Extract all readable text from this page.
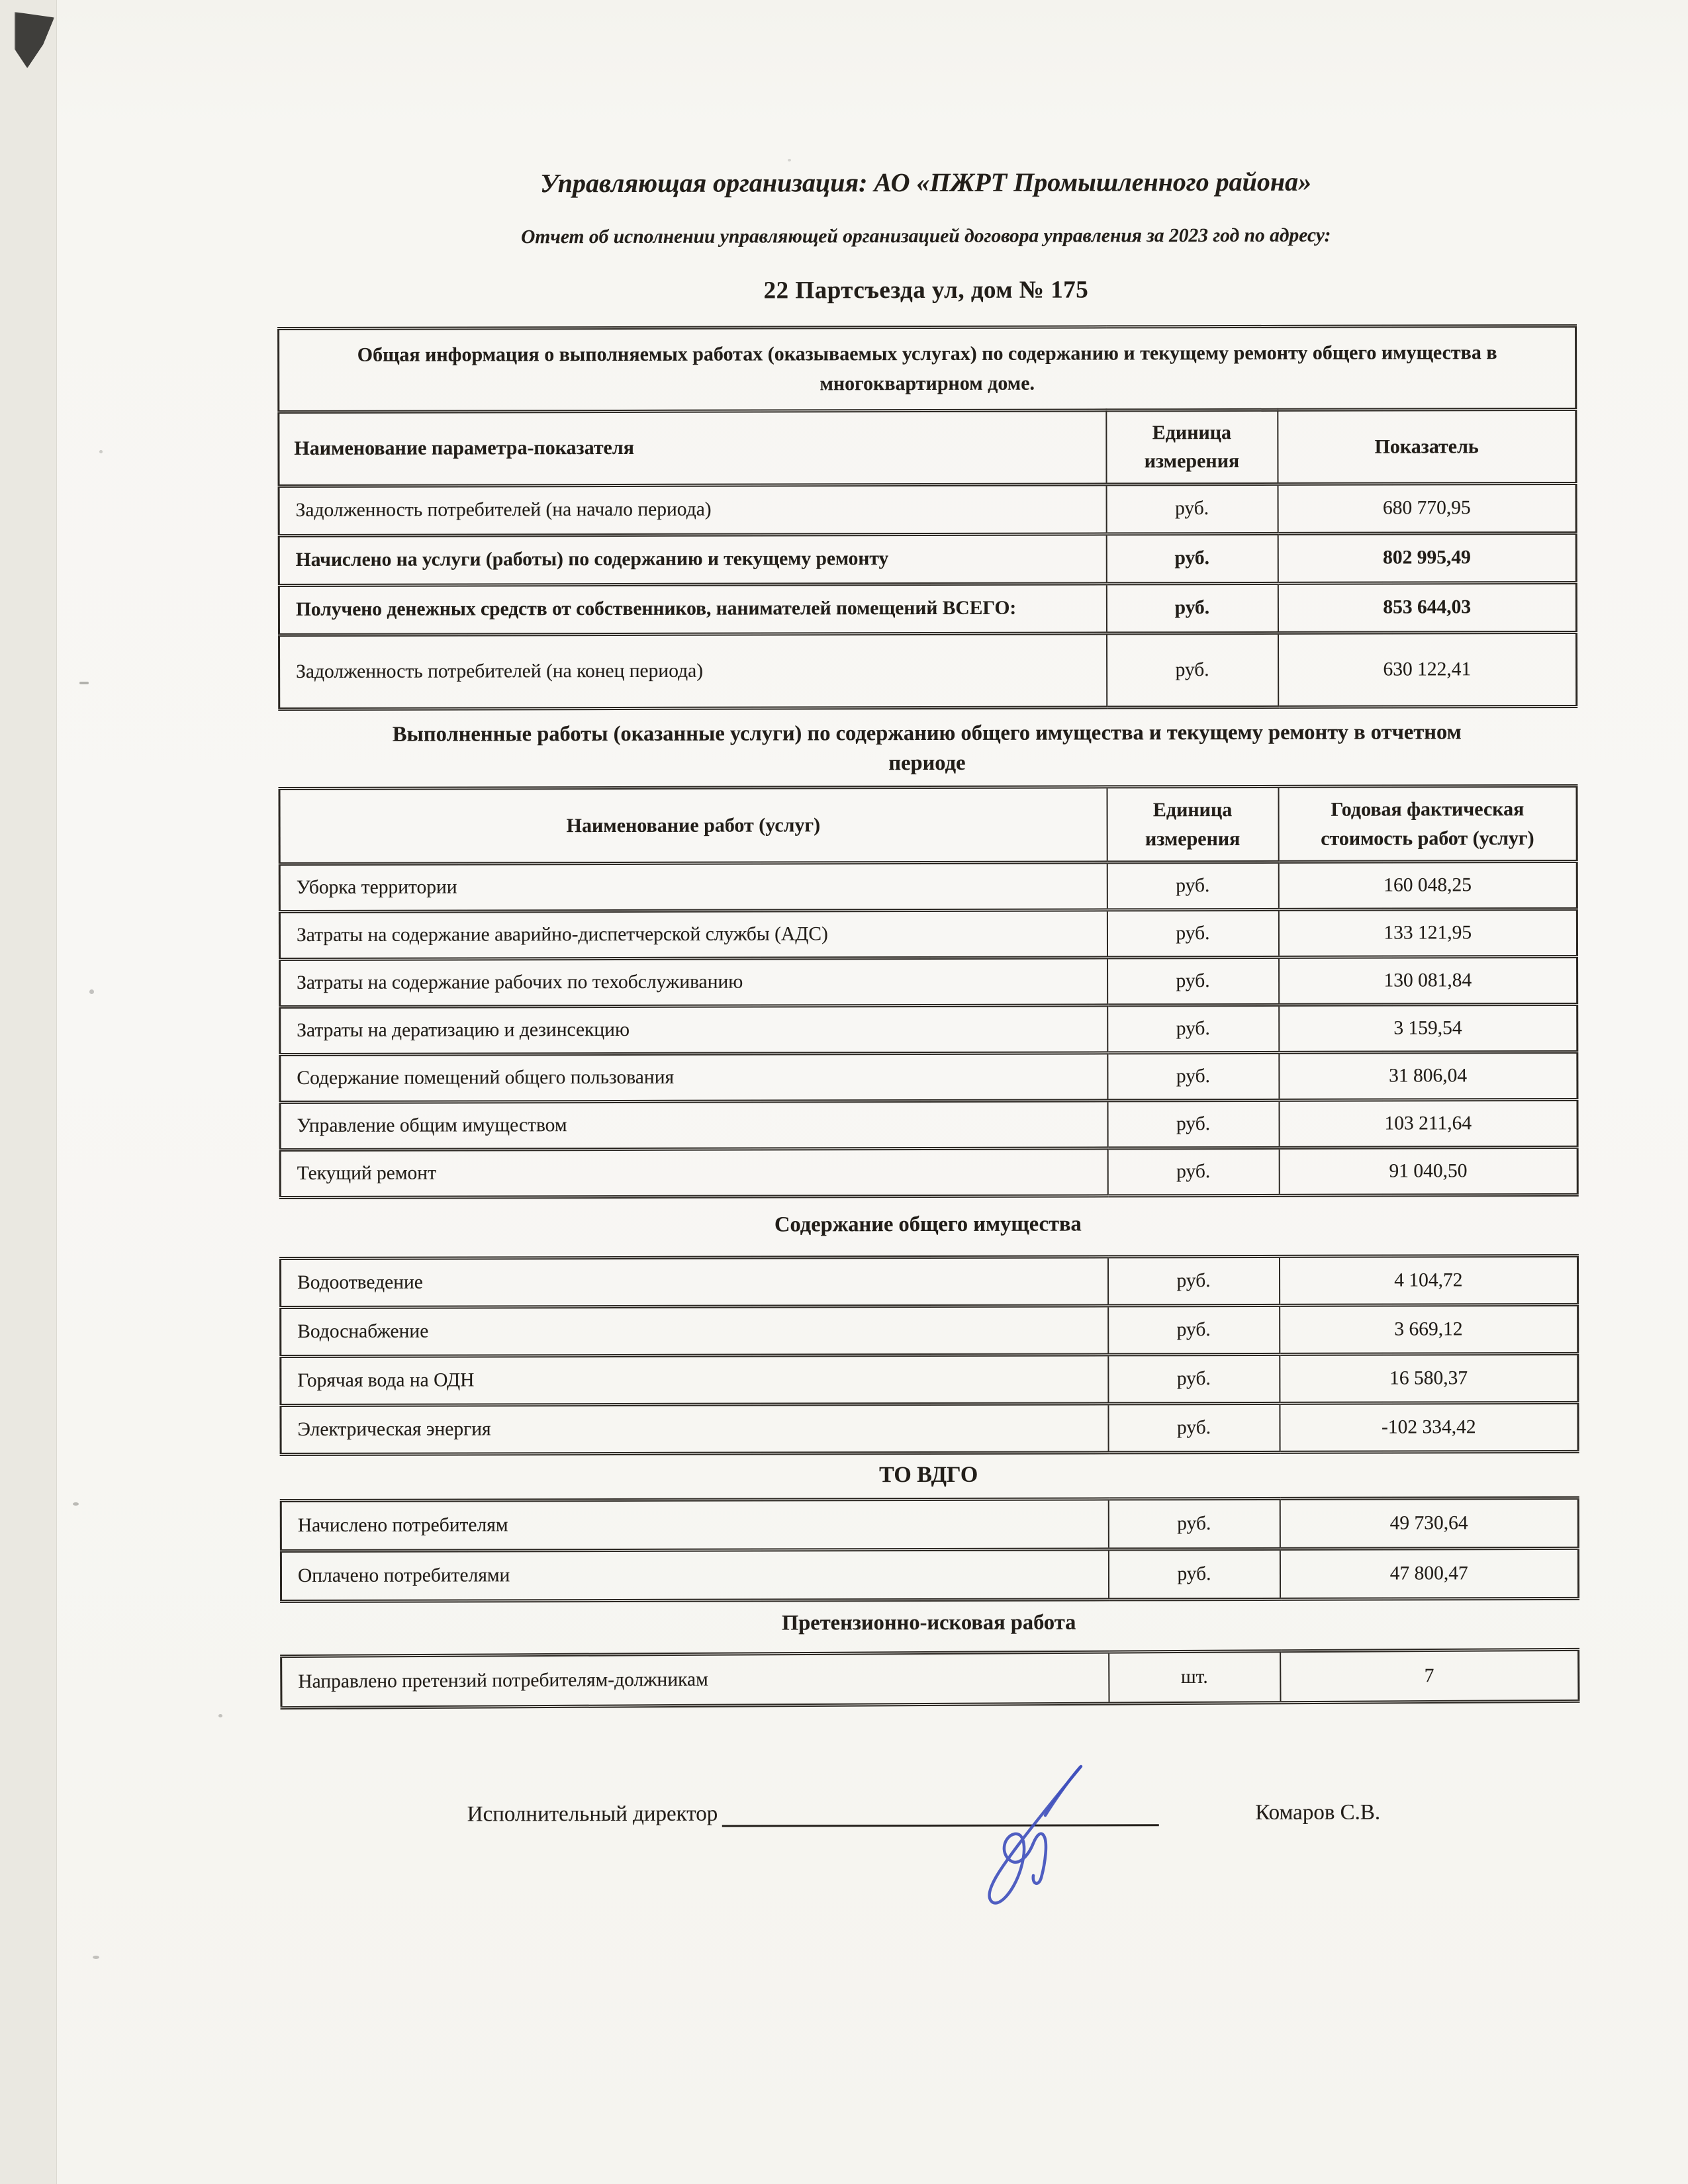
Управляющая организация: АО «ПЖРТ Промышленного района»
Отчет об исполнении управляющей организацией договора управления за 2023 год по адресу:
22 Партсъезда ул, дом № 175
Общая информация о выполняемых работах (оказываемых услугах) по содержанию и текущему ремонту общего имущества в многоквартирном доме.		
Наименование параметра-показателя	Единица измерения	Показатель
Задолженность потребителей (на начало периода)	руб.	680 770,95
Начислено на услуги (работы) по содержанию и текущему ремонту	руб.	802 995,49
Получено денежных средств от собственников, нанимателей помещений ВСЕГО:	руб.	853 644,03
Задолженность потребителей (на конец периода)	руб.	630 122,41
Выполненные работы (оказанные услуги) по содержанию общего имущества и текущему ремонту в отчетном периоде
Наименование работ (услуг)	Единица измерения	Годовая фактическая стоимость работ (услуг)
Уборка территории	руб.	160 048,25
Затраты на содержание аварийно-диспетчерской службы (АДС)	руб.	133 121,95
Затраты на содержание рабочих по техобслуживанию	руб.	130 081,84
Затраты на дератизацию и дезинсекцию	руб.	3 159,54
Содержание помещений общего пользования	руб.	31 806,04
Управление общим имуществом	руб.	103 211,64
Текущий ремонт	руб.	91 040,50
Содержание общего имущества
Водоотведение	руб.	4 104,72
Водоснабжение	руб.	3 669,12
Горячая вода на ОДН	руб.	16 580,37
Электрическая энергия	руб.	-102 334,42
ТО ВДГО
Начислено потребителям	руб.	49 730,64
Оплачено потребителями	руб.	47 800,47
Претензионно-исковая работа
Направлено претензий потребителям-должникам	шт.	7
Исполнительный директор	Комаров С.В.
